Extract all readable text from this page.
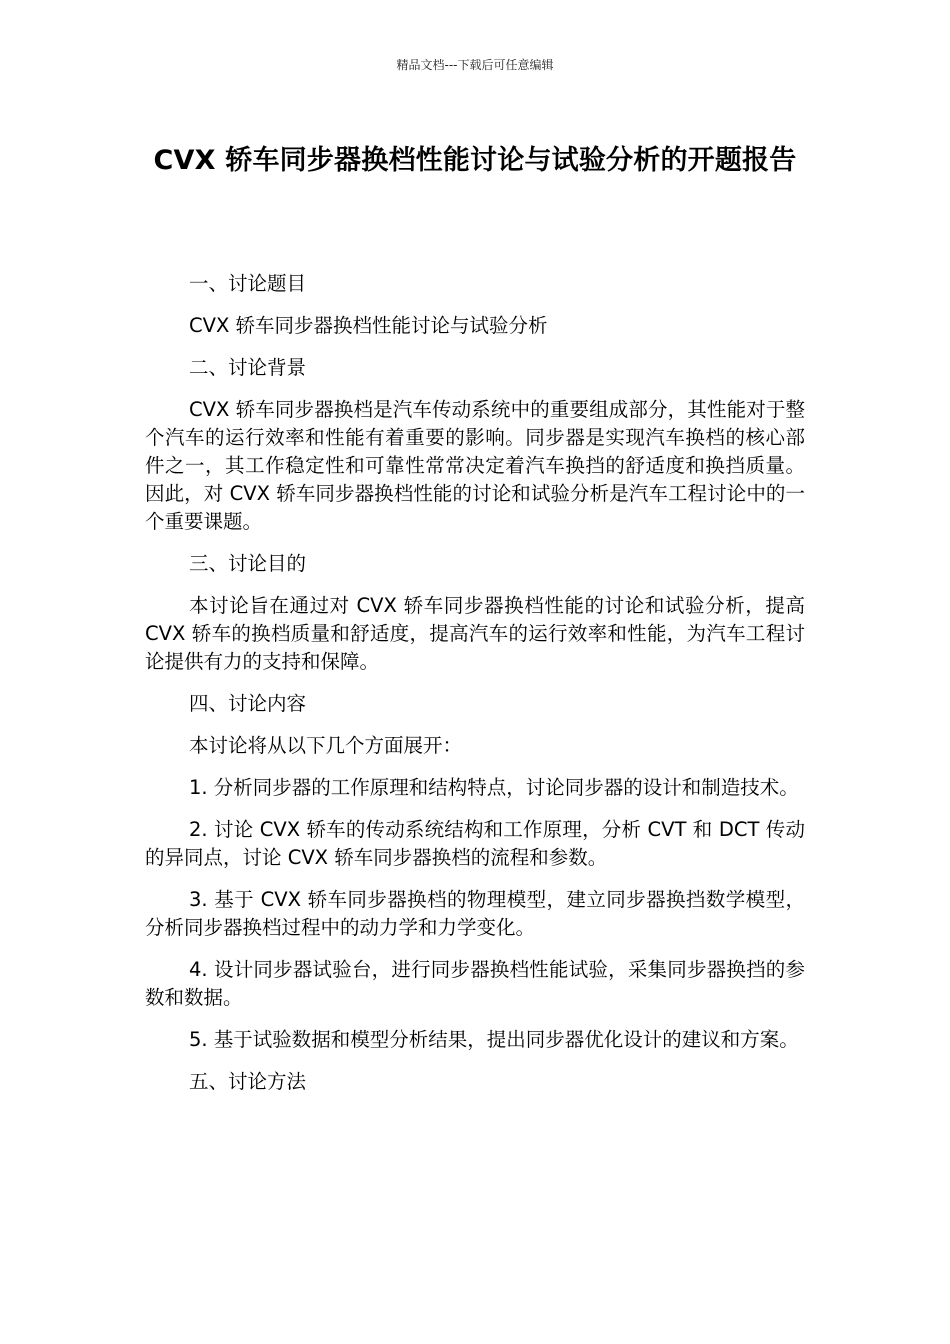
精品文档---下载后可任意编辑
CVX 轿车同步器换档性能讨论与试验分析的开题报告

一、讨论题目

CVX 轿车同步器换档性能讨论与试验分析

二、讨论背景

CVX 轿车同步器换档是汽车传动系统中的重要组成部分，其性能对于整个汽车的运行效率和性能有着重要的影响。同步器是实现汽车换档的核心部件之一，其工作稳定性和可靠性常常决定着汽车换挡的舒适度和换挡质量。因此，对 CVX 轿车同步器换档性能的讨论和试验分析是汽车工程讨论中的一个重要课题。

三、讨论目的

本讨论旨在通过对 CVX 轿车同步器换档性能的讨论和试验分析，提高 CVX 轿车的换档质量和舒适度，提高汽车的运行效率和性能，为汽车工程讨论提供有力的支持和保障。

四、讨论内容

本讨论将从以下几个方面展开：

1. 分析同步器的工作原理和结构特点，讨论同步器的设计和制造技术。

2. 讨论 CVX 轿车的传动系统结构和工作原理，分析 CVT 和 DCT 传动的异同点，讨论 CVX 轿车同步器换档的流程和参数。

3. 基于 CVX 轿车同步器换档的物理模型，建立同步器换挡数学模型，分析同步器换档过程中的动力学和力学变化。

4. 设计同步器试验台，进行同步器换档性能试验，采集同步器换挡的参数和数据。

5. 基于试验数据和模型分析结果，提出同步器优化设计的建议和方案。

五、讨论方法
